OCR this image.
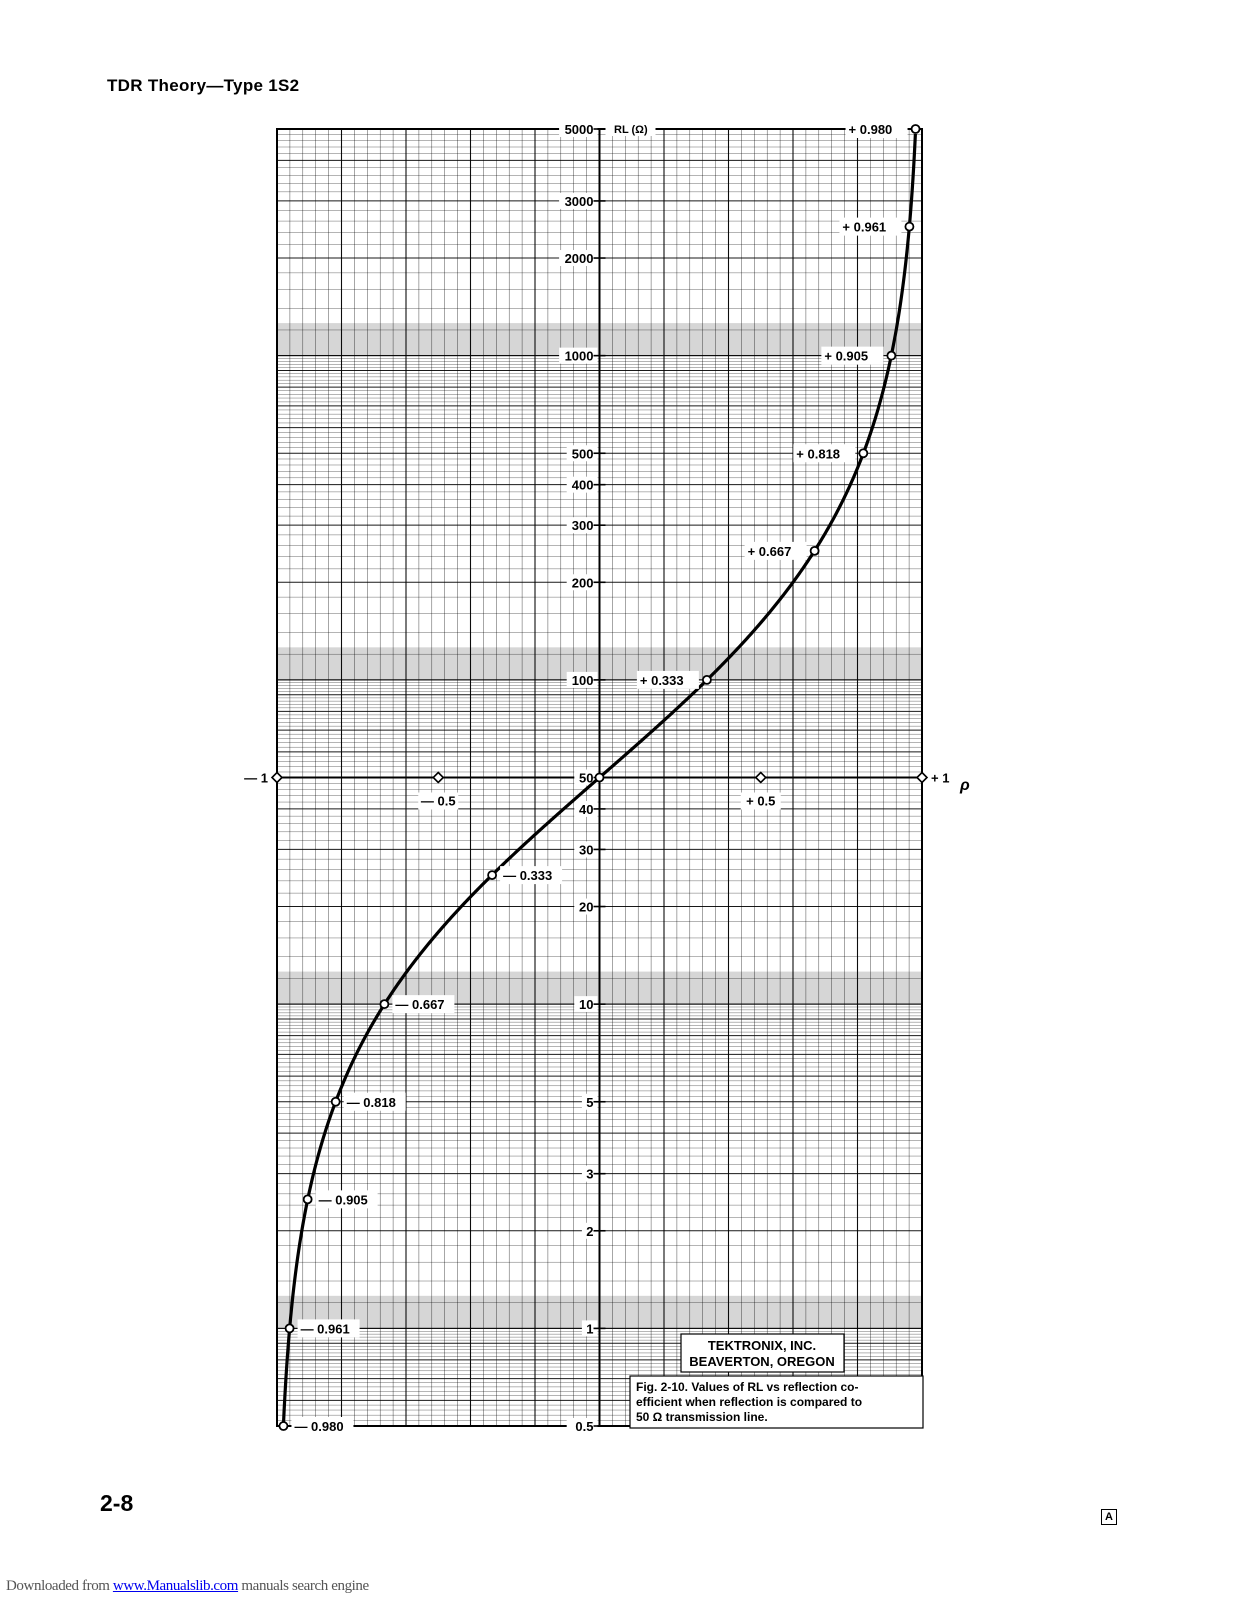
TDR Theory—Type 1S2
— 1
— 0.5	+ 0.5
+ 1
5000
3000
2000
1000
500
400
300
200
100
50
40
30
20
10
5
3
2
1
0.5
— 0.980
— 0.961
— 0.905
— 0.818
— 0.667
— 0.333
+ 0.333
+ 0.667
+ 0.818
+ 0.905
+ 0.961
+ 0.980
RL (Ω)
ρ
TEKTRONIX, INC.
BEAVERTON, OREGON
Fig. 2-10. Values of RL vs reflection co-
efficient when reflection is compared to
50 Ω transmission line.
2-8
A
Downloaded from www.Manualslib.com manuals search engine
